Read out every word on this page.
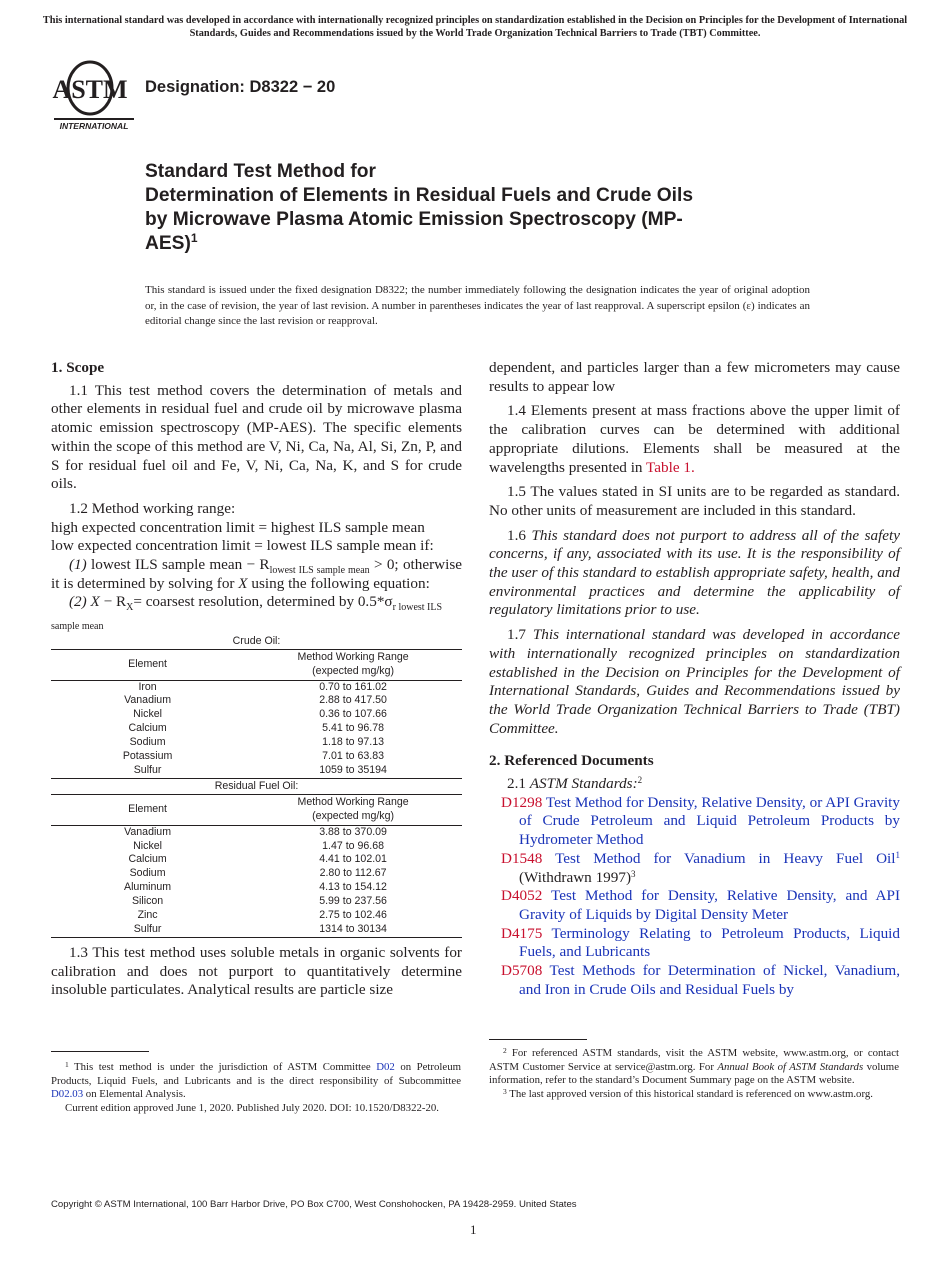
This international standard was developed in accordance with internationally recognized principles on standardization established in the Decision on Principles for the Development of International Standards, Guides and Recommendations issued by the World Trade Organization Technical Barriers to Trade (TBT) Committee.
ASTM
INTERNATIONAL
Designation: D8322 − 20
Standard Test Method for
Determination of Elements in Residual Fuels and Crude Oils
by Microwave Plasma Atomic Emission Spectroscopy (MP-
AES)$^1$
This standard is issued under the fixed designation D8322; the number immediately following the designation indicates the year of original adoption or, in the case of revision, the year of last revision. A number in parentheses indicates the year of last reapproval. A superscript epsilon (ε) indicates an editorial change since the last revision or reapproval.
1. Scope
1.1 This test method covers the determination of metals and other elements in residual fuel and crude oil by microwave plasma atomic emission spectroscopy (MP-AES). The specific elements within the scope of this method are V, Ni, Ca, Na, Al, Si, Zn, P, and S for residual fuel oil and Fe, V, Ni, Ca, Na, K, and S for crude oils.
1.2 Method working range:
high expected concentration limit = highest ILS sample mean
low expected concentration limit = lowest ILS sample mean if:
(1) lowest ILS sample mean − $R_{lowest ILS sample mean} > 0$; otherwise it is determined by solving for X using the following equation:
(2) $X - R_X=$ coarsest resolution, determined by $0.5*\sigma_{r lowest ILS sample mean}$
Crude Oil:
Element	Method Working Range
(expected mg/kg)
Iron	0.70 to 161.02
Vanadium	2.88 to 417.50
Nickel	0.36 to 107.66
Calcium	5.41 to 96.78
Sodium	1.18 to 97.13
Potassium	7.01 to 63.83
Sulfur	1059 to 35194
Residual Fuel Oil:
Element	Method Working Range
(expected mg/kg)
Vanadium	3.88 to 370.09
Nickel	1.47 to 96.68
Calcium	4.41 to 102.01
Sodium	2.80 to 112.67
Aluminum	4.13 to 154.12
Silicon	5.99 to 237.56
Zinc	2.75 to 102.46
Sulfur	1314 to 30134
1.3 This test method uses soluble metals in organic solvents for calibration and does not purport to quantitatively determine insoluble particulates. Analytical results are particle size
dependent, and particles larger than a few micrometers may cause results to appear low
1.4 Elements present at mass fractions above the upper limit of the calibration curves can be determined with additional appropriate dilutions. Elements shall be measured at the wavelengths presented in Table 1.
1.5 The values stated in SI units are to be regarded as standard. No other units of measurement are included in this standard.
1.6 This standard does not purport to address all of the safety concerns, if any, associated with its use. It is the responsibility of the user of this standard to establish appropriate safety, health, and environmental practices and determine the applicability of regulatory limitations prior to use.
1.7 This international standard was developed in accordance with internationally recognized principles on standardization established in the Decision on Principles for the Development of International Standards, Guides and Recommendations issued by the World Trade Organization Technical Barriers to Trade (TBT) Committee.
2. Referenced Documents
2.1 ASTM Standards:$^2$
D1298 Test Method for Density, Relative Density, or API Gravity of Crude Petroleum and Liquid Petroleum Products by Hydrometer Method
D1548 Test Method for Vanadium in Heavy Fuel Oil$^1$ (Withdrawn 1997)$^3$
D4052 Test Method for Density, Relative Density, and API Gravity of Liquids by Digital Density Meter
D4175 Terminology Relating to Petroleum Products, Liquid Fuels, and Lubricants
D5708 Test Methods for Determination of Nickel, Vanadium, and Iron in Crude Oils and Residual Fuels by

$^1$ This test method is under the jurisdiction of ASTM Committee D02 on Petroleum Products, Liquid Fuels, and Lubricants and is the direct responsibility of Subcommittee D02.03 on Elemental Analysis.

Current edition approved June 1, 2020. Published July 2020. DOI: 10.1520/D8322-20.

$^2$ For referenced ASTM standards, visit the ASTM website, www.astm.org, or contact ASTM Customer Service at service@astm.org. For Annual Book of ASTM Standards volume information, refer to the standard’s Document Summary page on the ASTM website.

$^3$ The last approved version of this historical standard is referenced on www.astm.org.

Copyright © ASTM International, 100 Barr Harbor Drive, PO Box C700, West Conshohocken, PA 19428-2959. United States
1
